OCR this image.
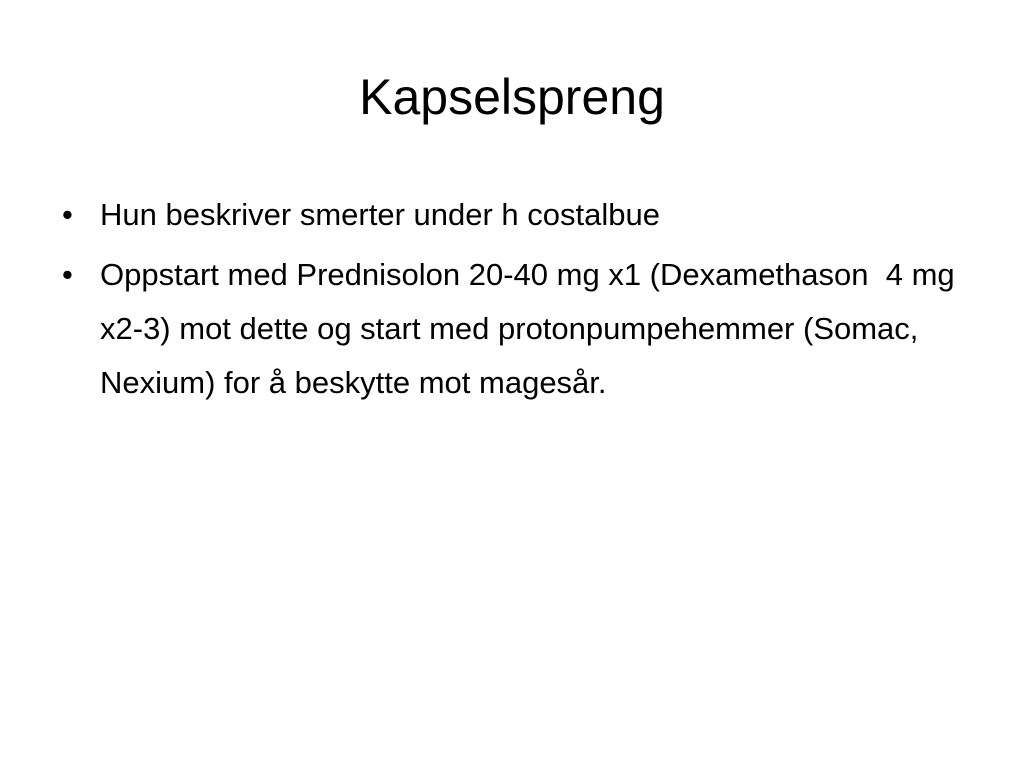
Kapselspreng
• Hun beskriver smerter under h costalbue
• Oppstart med Prednisolon 20-40 mg x1 (Dexamethason  4 mg x2-3) mot dette og start med protonpumpehemmer (Somac, Nexium) for å beskytte mot magesår.
